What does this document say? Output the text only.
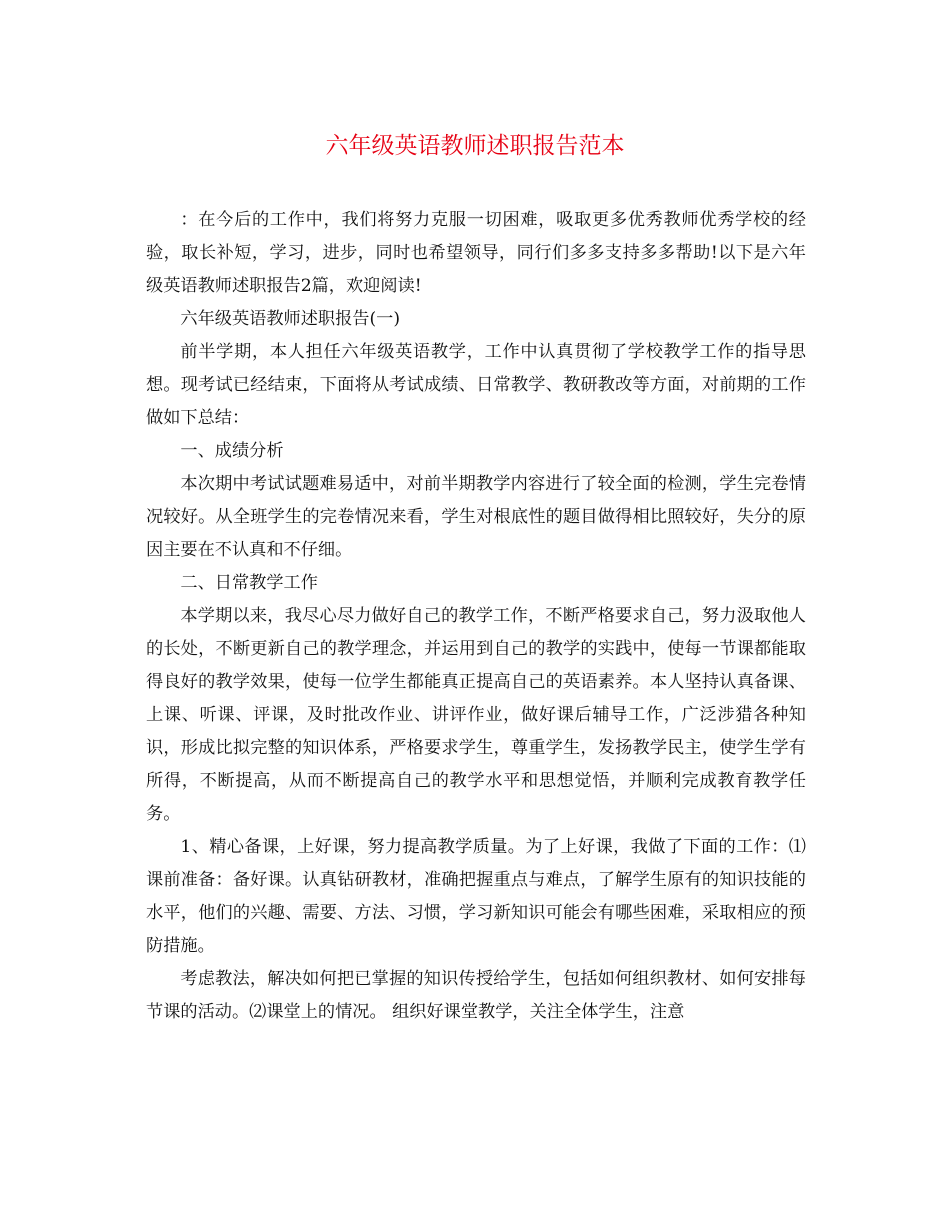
六年级英语教师述职报告范本

：在今后的工作中，我们将努力克服一切困难，吸取更多优秀教师优秀学校的经验，取长补短，学习，进步，同时也希望领导，同行们多多支持多多帮助!以下是六年级英语教师述职报告2篇，欢迎阅读!

六年级英语教师述职报告(一)

前半学期，本人担任六年级英语教学，工作中认真贯彻了学校教学工作的指导思想。现考试已经结束，下面将从考试成绩、日常教学、教研教改等方面，对前期的工作做如下总结：

一、成绩分析

本次期中考试试题难易适中，对前半期教学内容进行了较全面的检测，学生完卷情况较好。从全班学生的完卷情况来看，学生对根底性的题目做得相比照较好，失分的原因主要在不认真和不仔细。

二、日常教学工作

本学期以来，我尽心尽力做好自己的教学工作，不断严格要求自己，努力汲取他人的长处，不断更新自己的教学理念，并运用到自己的教学的实践中，使每一节课都能取得良好的教学效果，使每一位学生都能真正提高自己的英语素养。本人坚持认真备课、上课、听课、评课，及时批改作业、讲评作业，做好课后辅导工作，广泛涉猎各种知识，形成比拟完整的知识体系，严格要求学生，尊重学生，发扬教学民主，使学生学有所得，不断提高，从而不断提高自己的教学水平和思想觉悟，并顺利完成教育教学任务。

1、精心备课，上好课，努力提高教学质量。为了上好课，我做了下面的工作：⑴课前准备：备好课。认真钻研教材，准确把握重点与难点，了解学生原有的知识技能的水平，他们的兴趣、需要、方法、习惯，学习新知识可能会有哪些困难，采取相应的预防措施。

考虑教法，解决如何把已掌握的知识传授给学生，包括如何组织教材、如何安排每节课的活动。⑵课堂上的情况。 组织好课堂教学，关注全体学生，注意
